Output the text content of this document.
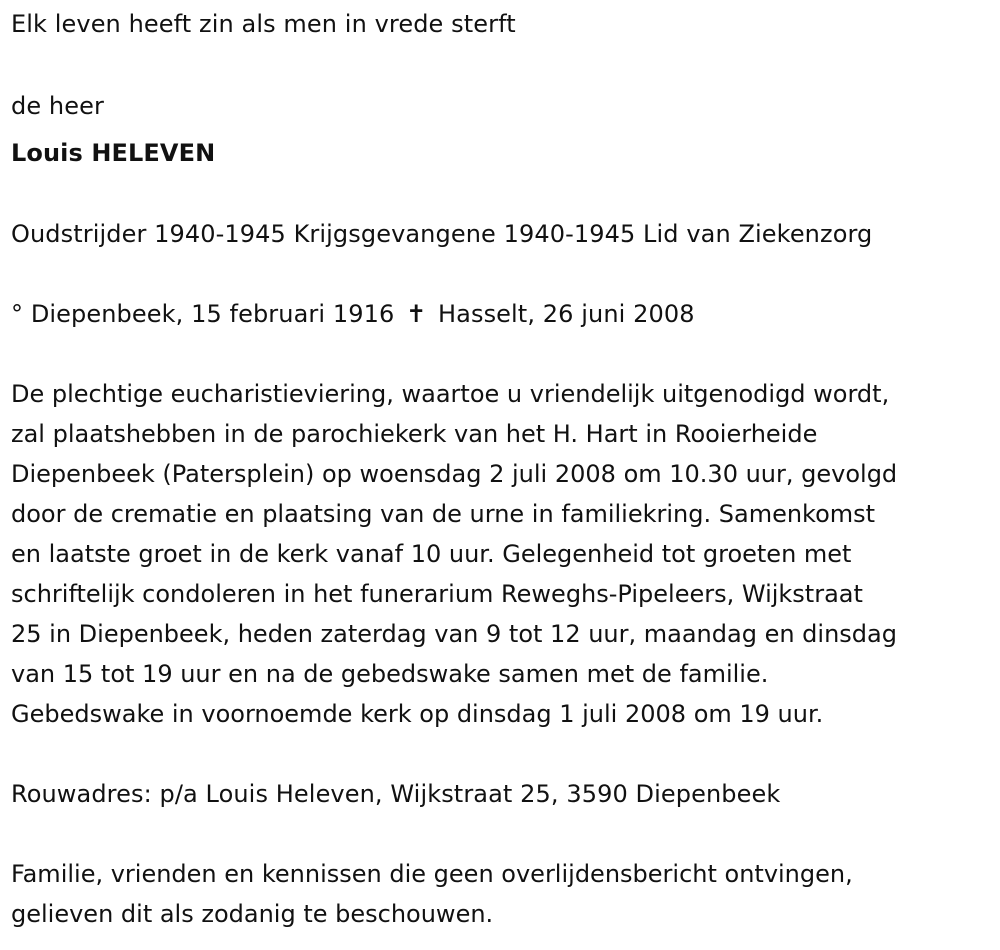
Elk leven heeft zin als men in vrede sterft
de heer
Louis HELEVEN
Oudstrijder 1940-1945 Krijgsgevangene 1940-1945 Lid van Ziekenzorg
° Diepenbeek, 15 februari 1916 ✝ Hasselt, 26 juni 2008
De plechtige eucharistieviering, waartoe u vriendelijk uitgenodigd wordt,
zal plaatshebben in de parochiekerk van het H. Hart in Rooierheide
Diepenbeek (Patersplein) op woensdag 2 juli 2008 om 10.30 uur, gevolgd
door de crematie en plaatsing van de urne in familiekring. Samenkomst
en laatste groet in de kerk vanaf 10 uur. Gelegenheid tot groeten met
schriftelijk condoleren in het funerarium Reweghs-Pipeleers, Wijkstraat
25 in Diepenbeek, heden zaterdag van 9 tot 12 uur, maandag en dinsdag
van 15 tot 19 uur en na de gebedswake samen met de familie.
Gebedswake in voornoemde kerk op dinsdag 1 juli 2008 om 19 uur.
Rouwadres: p/a Louis Heleven, Wijkstraat 25, 3590 Diepenbeek
Familie, vrienden en kennissen die geen overlijdensbericht ontvingen,
gelieven dit als zodanig te beschouwen.
